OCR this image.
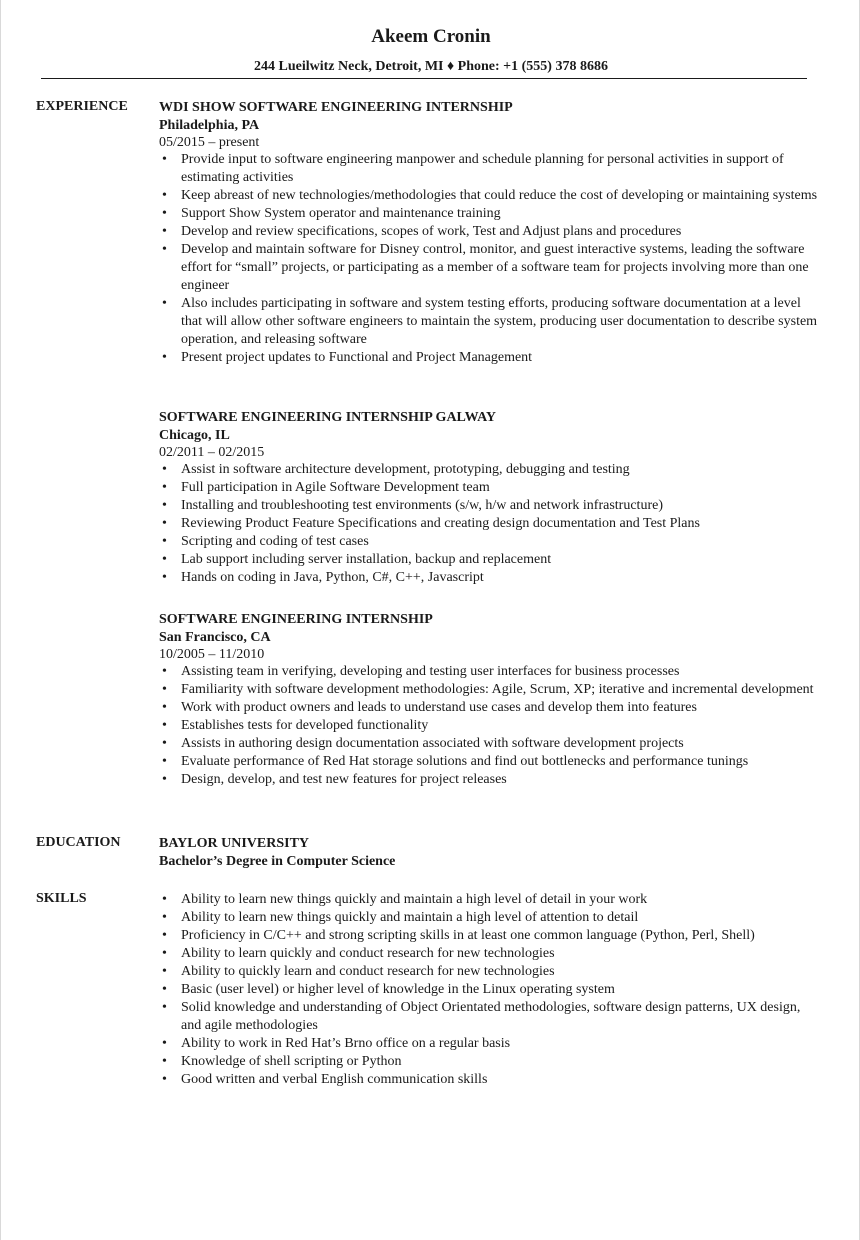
Akeem Cronin
244 Lueilwitz Neck, Detroit, MI ♦ Phone: +1 (555) 378 8686
EXPERIENCE WDI SHOW SOFTWARE ENGINEERING INTERNSHIP
Philadelphia, PA
05/2015 – present
• Provide input to software engineering manpower and schedule planning for personal activities in support of estimating activities
• Keep abreast of new technologies/methodologies that could reduce the cost of developing or maintaining systems
• Support Show System operator and maintenance training
• Develop and review specifications, scopes of work, Test and Adjust plans and procedures
• Develop and maintain software for Disney control, monitor, and guest interactive systems, leading the software effort for “small” projects, or participating as a member of a software team for projects involving more than one engineer
• Also includes participating in software and system testing efforts, producing software documentation at a level that will allow other software engineers to maintain the system, producing user documentation to describe system operation, and releasing software
• Present project updates to Functional and Project Management
SOFTWARE ENGINEERING INTERNSHIP GALWAY
Chicago, IL
02/2011 – 02/2015
• Assist in software architecture development, prototyping, debugging and testing
• Full participation in Agile Software Development team
• Installing and troubleshooting test environments (s/w, h/w and network infrastructure)
• Reviewing Product Feature Specifications and creating design documentation and Test Plans
• Scripting and coding of test cases
• Lab support including server installation, backup and replacement
• Hands on coding in Java, Python, C#, C++, Javascript
SOFTWARE ENGINEERING INTERNSHIP
San Francisco, CA
10/2005 – 11/2010
• Assisting team in verifying, developing and testing user interfaces for business processes
• Familiarity with software development methodologies: Agile, Scrum, XP; iterative and incremental development
• Work with product owners and leads to understand use cases and develop them into features
• Establishes tests for developed functionality
• Assists in authoring design documentation associated with software development projects
• Evaluate performance of Red Hat storage solutions and find out bottlenecks and performance tunings
• Design, develop, and test new features for project releases
EDUCATION	BAYLOR UNIVERSITY
Bachelor’s Degree in Computer Science
SKILLS	• Ability to learn new things quickly and maintain a high level of detail in your work
• Ability to learn new things quickly and maintain a high level of attention to detail
• Proficiency in C/C++ and strong scripting skills in at least one common language (Python, Perl, Shell)
• Ability to learn quickly and conduct research for new technologies
• Ability to quickly learn and conduct research for new technologies
• Basic (user level) or higher level of knowledge in the Linux operating system
• Solid knowledge and understanding of Object Orientated methodologies, software design patterns, UX design, and agile methodologies
• Ability to work in Red Hat’s Brno office on a regular basis
• Knowledge of shell scripting or Python
• Good written and verbal English communication skills
